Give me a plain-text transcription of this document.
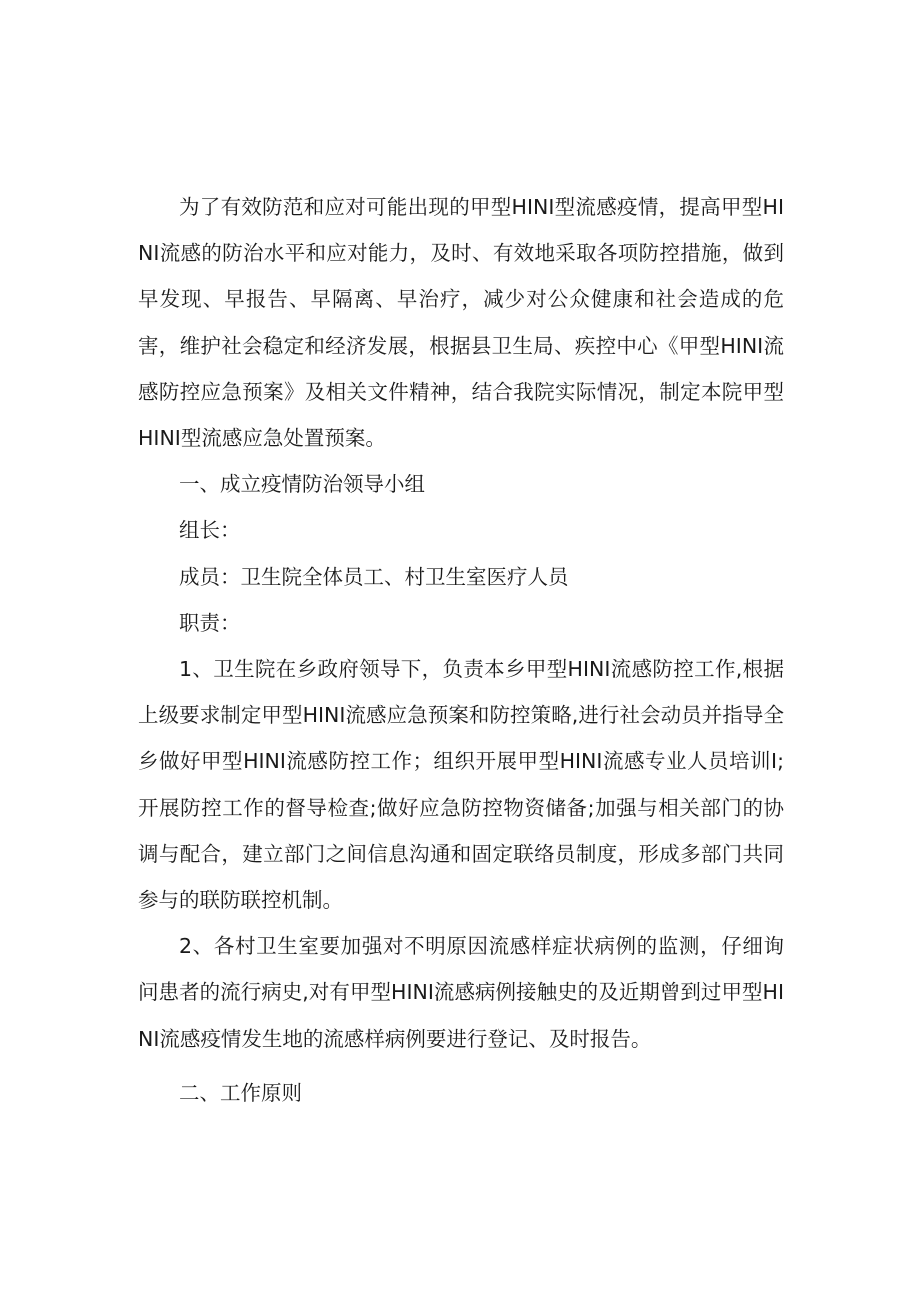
为了有效防范和应对可能出现的甲型HINI型流感疫情，提高甲型HINI流感的防治水平和应对能力，及时、有效地采取各项防控措施，做到早发现、早报告、早隔离、早治疗，减少对公众健康和社会造成的危害，维护社会稳定和经济发展，根据县卫生局、疾控中心《甲型HINI流感防控应急预案》及相关文件精神，结合我院实际情况，制定本院甲型HINI型流感应急处置预案。

一、成立疫情防治领导小组

组长：

成员：卫生院全体员工、村卫生室医疗人员

职责：

1、卫生院在乡政府领导下，负责本乡甲型HINI流感防控工作,根据上级要求制定甲型HINI流感应急预案和防控策略,进行社会动员并指导全乡做好甲型HINI流感防控工作；组织开展甲型HINI流感专业人员培训I;开展防控工作的督导检查;做好应急防控物资储备;加强与相关部门的协调与配合，建立部门之间信息沟通和固定联络员制度，形成多部门共同参与的联防联控机制。

2、各村卫生室要加强对不明原因流感样症状病例的监测，仔细询问患者的流行病史,对有甲型HINI流感病例接触史的及近期曾到过甲型HINI流感疫情发生地的流感样病例要进行登记、及时报告。

二、工作原则
